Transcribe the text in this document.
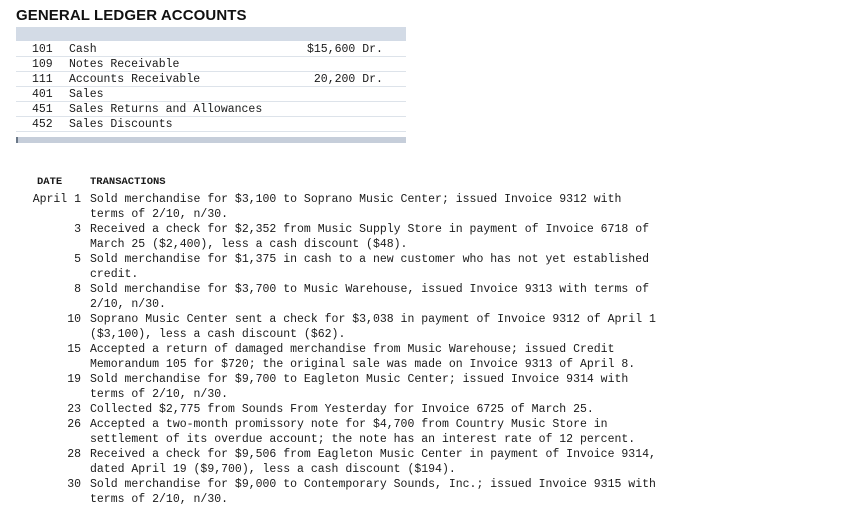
GENERAL LEDGER ACCOUNTS
101 Cash	$15,600 Dr.
109 Notes Receivable
111 Accounts Receivable	20,200 Dr.
401 Sales
451 Sales Returns and Allowances
452 Sales Discounts
DATE	TRANSACTIONS
April 1 Sold merchandise for $3,100 to Soprano Music Center; issued Invoice 9312 with
terms of 2/10, n/30.
3 Received a check for $2,352 from Music Supply Store in payment of Invoice 6718 of
March 25 ($2,400), less a cash discount ($48).
5 Sold merchandise for $1,375 in cash to a new customer who has not yet established
credit.
8 Sold merchandise for $3,700 to Music Warehouse, issued Invoice 9313 with terms of
2/10, n/30.
10 Soprano Music Center sent a check for $3,038 in payment of Invoice 9312 of April 1
($3,100), less a cash discount ($62).
15 Accepted a return of damaged merchandise from Music Warehouse; issued Credit
Memorandum 105 for $720; the original sale was made on Invoice 9313 of April 8.
19 Sold merchandise for $9,700 to Eagleton Music Center; issued Invoice 9314 with
terms of 2/10, n/30.
23 Collected $2,775 from Sounds From Yesterday for Invoice 6725 of March 25.
26 Accepted a two-month promissory note for $4,700 from Country Music Store in
settlement of its overdue account; the note has an interest rate of 12 percent.
28 Received a check for $9,506 from Eagleton Music Center in payment of Invoice 9314,
dated April 19 ($9,700), less a cash discount ($194).
30 Sold merchandise for $9,000 to Contemporary Sounds, Inc.; issued Invoice 9315 with
terms of 2/10, n/30.
